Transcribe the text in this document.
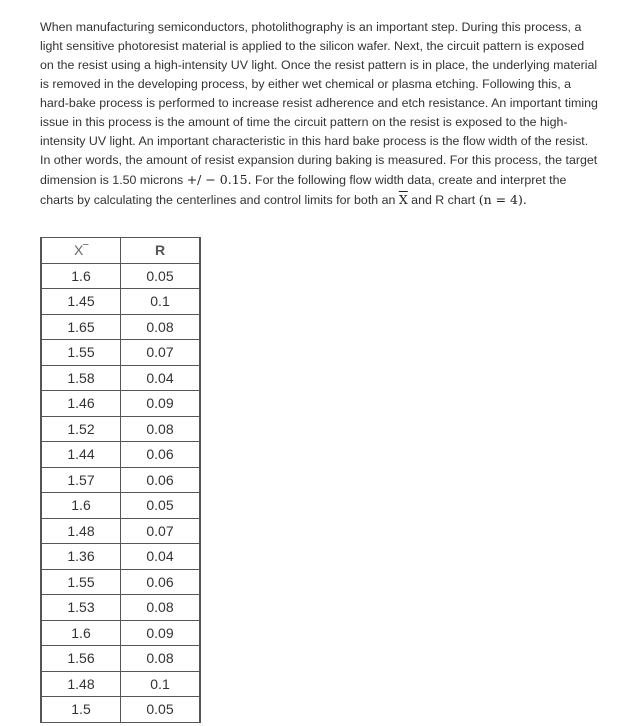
When manufacturing semiconductors, photolithography is an important step. During this process, a light sensitive photoresist material is applied to the silicon wafer. Next, the circuit pattern is exposed on the resist using a high-intensity UV light. Once the resist pattern is in place, the underlying material is removed in the developing process, by either wet chemical or plasma etching. Following this, a hard-bake process is performed to increase resist adherence and etch resistance. An important timing issue in this process is the amount of time the circuit pattern on the resist is exposed to the high-intensity UV light. An important characteristic in this hard bake process is the flow width of the resist. In other words, the amount of resist expansion during baking is measured. For this process, the target dimension is 1.50 microns +/ − 0.15. For the following flow width data, create and interpret the charts by calculating the centerlines and control limits for both an $\overline{X}$ and R chart (n = 4).
X‾	R
1.6	0.05
1.45	0.1
1.65	0.08
1.55	0.07
1.58	0.04
1.46	0.09
1.52	0.08
1.44	0.06
1.57	0.06
1.6	0.05
1.48	0.07
1.36	0.04
1.55	0.06
1.53	0.08
1.6	0.09
1.56	0.08
1.48	0.1
1.5	0.05
